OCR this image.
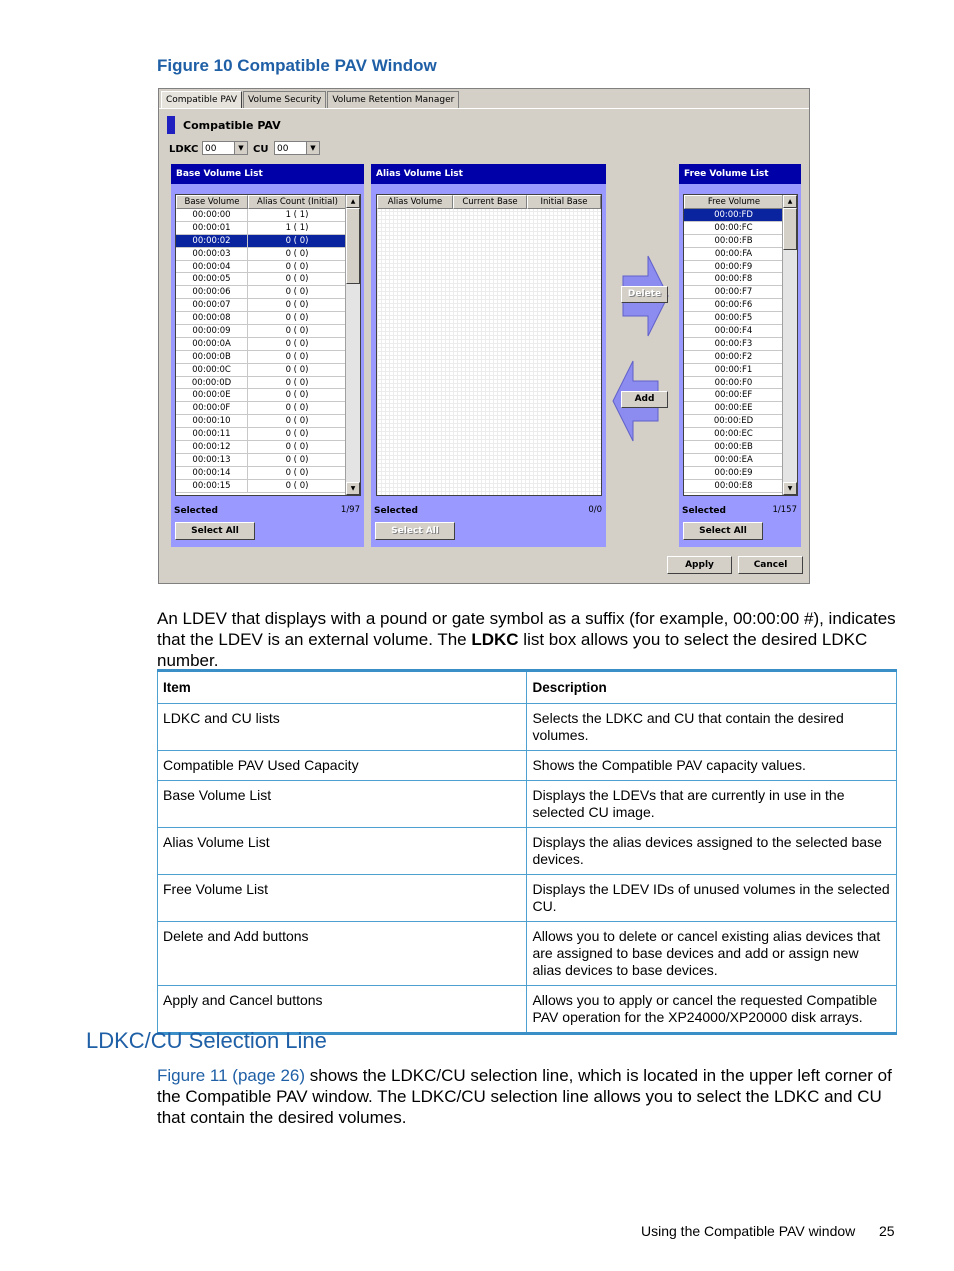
Figure 10 Compatible PAV Window
Compatible PAV	Volume Security	Volume Retention Manager
Compatible PAV
LDKC 00	▼ CU 00	▼
Base Volume List
Base Volume	Alias Count (Initial)
00:00:00	1 ( 1)
00:00:01	1 ( 1)
00:00:02	0 ( 0)
00:00:03	0 ( 0)
00:00:04	0 ( 0)
00:00:05	0 ( 0)
00:00:06	0 ( 0)
00:00:07	0 ( 0)
00:00:08	0 ( 0)
00:00:09	0 ( 0)
00:00:0A	0 ( 0)
00:00:0B	0 ( 0)
00:00:0C	0 ( 0)
00:00:0D	0 ( 0)
00:00:0E	0 ( 0)
00:00:0F	0 ( 0)
00:00:10	0 ( 0)
00:00:11	0 ( 0)
00:00:12	0 ( 0)
00:00:13	0 ( 0)
00:00:14	0 ( 0)
00:00:15	0 ( 0)
▲
▼
Selected	1/97
Select All
Alias Volume List
Alias Volume	Current Base	Initial Base
Selected	0/0
Select All
Delete
Add
Free Volume List
Free Volume
00:00:FD
00:00:FC
00:00:FB
00:00:FA
00:00:F9
00:00:F8
00:00:F7
00:00:F6
00:00:F5
00:00:F4
00:00:F3
00:00:F2
00:00:F1
00:00:F0
00:00:EF
00:00:EE
00:00:ED
00:00:EC
00:00:EB
00:00:EA
00:00:E9
00:00:E8
▲
▼
Selected	1/157
Select All
Apply	Cancel
An LDEV that displays with a pound or gate symbol as a suffix (for example, 00:00:00 #), indicates that the LDEV is an external volume. The LDKC list box allows you to select the desired LDKC number.
Item	Description
LDKC and CU lists	Selects the LDKC and CU that contain the desired volumes.
Compatible PAV Used Capacity	Shows the Compatible PAV capacity values.
Base Volume List	Displays the LDEVs that are currently in use in the selected CU image.
Alias Volume List	Displays the alias devices assigned to the selected base devices.
Free Volume List	Displays the LDEV IDs of unused volumes in the selected CU.
Delete and Add buttons	Allows you to delete or cancel existing alias devices that are assigned to base devices and add or assign new alias devices to base devices.
Apply and Cancel buttons	Allows you to apply or cancel the requested Compatible PAV operation for the XP24000/XP20000 disk arrays.
LDKC/CU Selection Line
Figure 11 (page 26) shows the LDKC/CU selection line, which is located in the upper left corner of the Compatible PAV window. The LDKC/CU selection line allows you to select the LDKC and CU that contain the desired volumes.
Using the Compatible PAV window 25
